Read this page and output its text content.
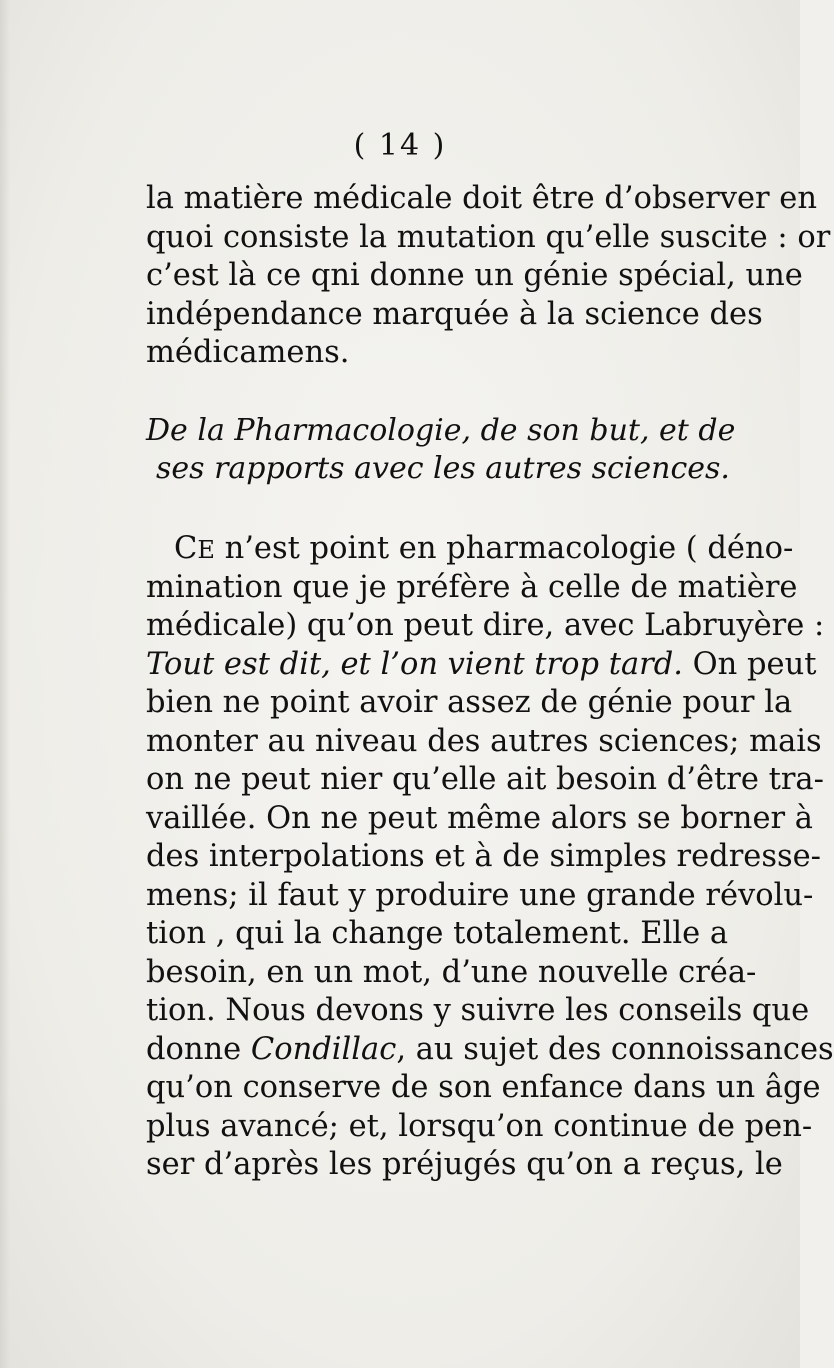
( 14 )
la matière médicale doit être d’observer en
quoi consiste la mutation qu’elle suscite : or
c’est là ce qni donne un génie spécial, une
indépendance marquée à la science des
médicamens.
De la Pharmacologie, de son but, et de
ses rapports avec les autres sciences.
CE n’est point en pharmacologie ( déno-
mination que je préfère à celle de matière
médicale) qu’on peut dire, avec Labruyère :
Tout est dit, et l’on vient trop tard. On peut
bien ne point avoir assez de génie pour la
monter au niveau des autres sciences; mais
on ne peut nier qu’elle ait besoin d’être tra-
vaillée. On ne peut même alors se borner à
des interpolations et à de simples redresse-
mens; il faut y produire une grande révolu-
tion , qui la change totalement. Elle a
besoin, en un mot, d’une nouvelle créa-
tion. Nous devons y suivre les conseils que
donne Condillac, au sujet des connoissances
qu’on conserve de son enfance dans un âge
plus avancé; et, lorsqu’on continue de pen-
ser d’après les préjugés qu’on a reçus, le
